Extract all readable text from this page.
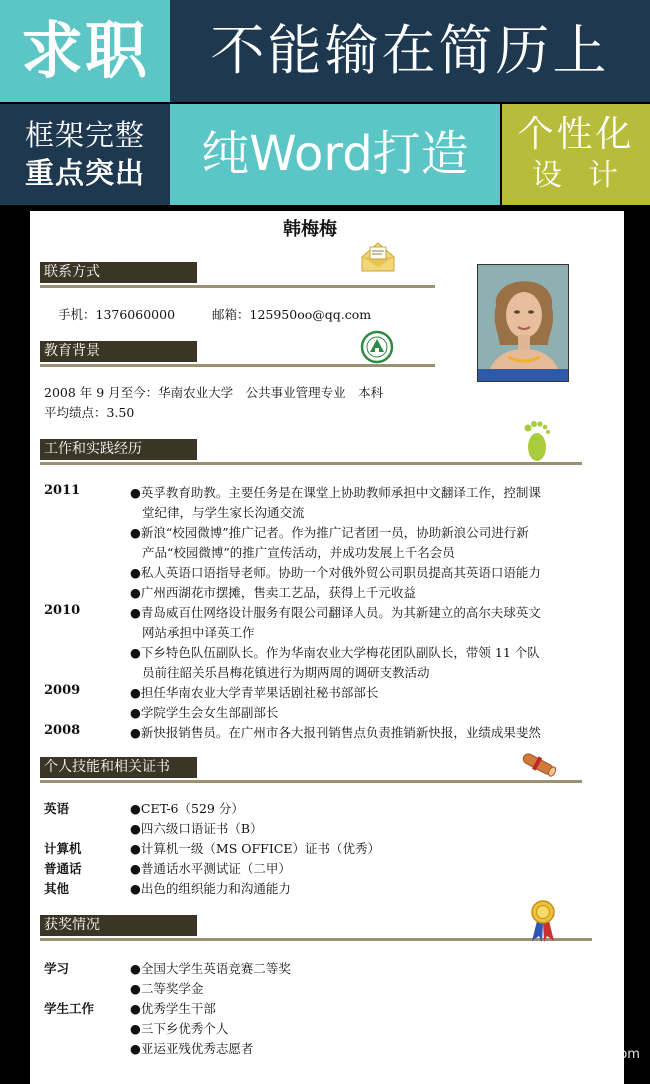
求职	不能输在简历上
框架完整
重点突出	纯Word打造	个性化
设计
韩梅梅
联系方式
手机：1376060000	邮箱：125950oo@qq.com
教育背景
2008 年 9 月至今：华南农业大学　公共事业管理专业　本科
平均绩点：3.50
工作和实践经历
2011	●英孚教育助教。主要任务是在课堂上协助教师承担中文翻译工作，控制课
堂纪律，与学生家长沟通交流
●新浪“校园微博”推广记者。作为推广记者团一员，协助新浪公司进行新
产品“校园微博”的推广宣传活动，并成功发展上千名会员
●私人英语口语指导老师。协助一个对俄外贸公司职员提高其英语口语能力
●广州西湖花市摆摊，售卖工艺品，获得上千元收益
2010	●青岛威百仕网络设计服务有限公司翻译人员。为其新建立的高尔夫球英文
网站承担中译英工作
●下乡特色队伍副队长。作为华南农业大学梅花团队副队长，带领 11 个队
员前往韶关乐昌梅花镇进行为期两周的调研支教活动
2009	●担任华南农业大学青苹果话剧社秘书部部长
●学院学生会女生部副部长
2008	●新快报销售员。在广州市各大报刊销售点负责推销新快报，业绩成果斐然
个人技能和相关证书
英语	●CET-6（529 分）
●四六级口语证书（B）
计算机	●计算机一级（MS OFFICE）证书（优秀）
普通话	●普通话水平测试证（二甲）
其他	●出色的组织能力和沟通能力
获奖情况
学习	●全国大学生英语竞赛二等奖
●二等奖学金
学生工作	●优秀学生干部
●三下乡优秀个人
●亚运亚残优秀志愿者
Bai经验
jingyan.baidu.com
